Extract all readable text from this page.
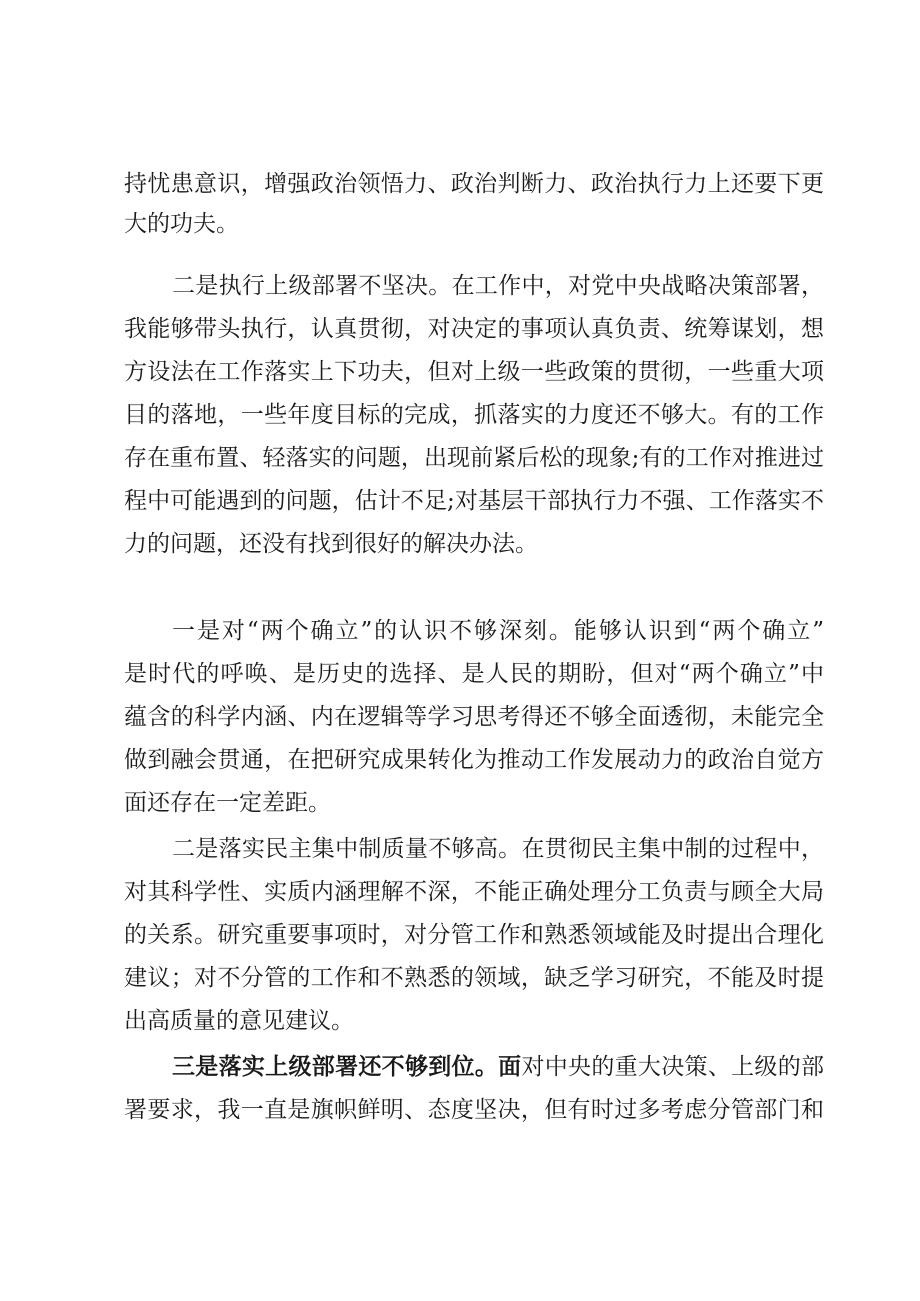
持忧患意识，增强政治领悟力、政治判断力、政治执行力上还要下更
大的功夫。
二是执行上级部署不坚决。在工作中，对党中央战略决策部署，
我能够带头执行，认真贯彻，对决定的事项认真负责、统筹谋划，想
方设法在工作落实上下功夫，但对上级一些政策的贯彻，一些重大项
目的落地，一些年度目标的完成，抓落实的力度还不够大。有的工作
存在重布置、轻落实的问题，出现前紧后松的现象;有的工作对推进过
程中可能遇到的问题，估计不足;对基层干部执行力不强、工作落实不
力的问题，还没有找到很好的解决办法。
一是对“两个确立”的认识不够深刻。能够认识到“两个确立”
是时代的呼唤、是历史的选择、是人民的期盼，但对“两个确立”中
蕴含的科学内涵、内在逻辑等学习思考得还不够全面透彻，未能完全
做到融会贯通，在把研究成果转化为推动工作发展动力的政治自觉方
面还存在一定差距。
二是落实民主集中制质量不够高。在贯彻民主集中制的过程中，
对其科学性、实质内涵理解不深，不能正确处理分工负责与顾全大局
的关系。研究重要事项时，对分管工作和熟悉领域能及时提出合理化
建议；对不分管的工作和不熟悉的领域，缺乏学习研究，不能及时提
出高质量的意见建议。
三是落实上级部署还不够到位。面对中央的重大决策、上级的部
署要求，我一直是旗帜鲜明、态度坚决，但有时过多考虑分管部门和
